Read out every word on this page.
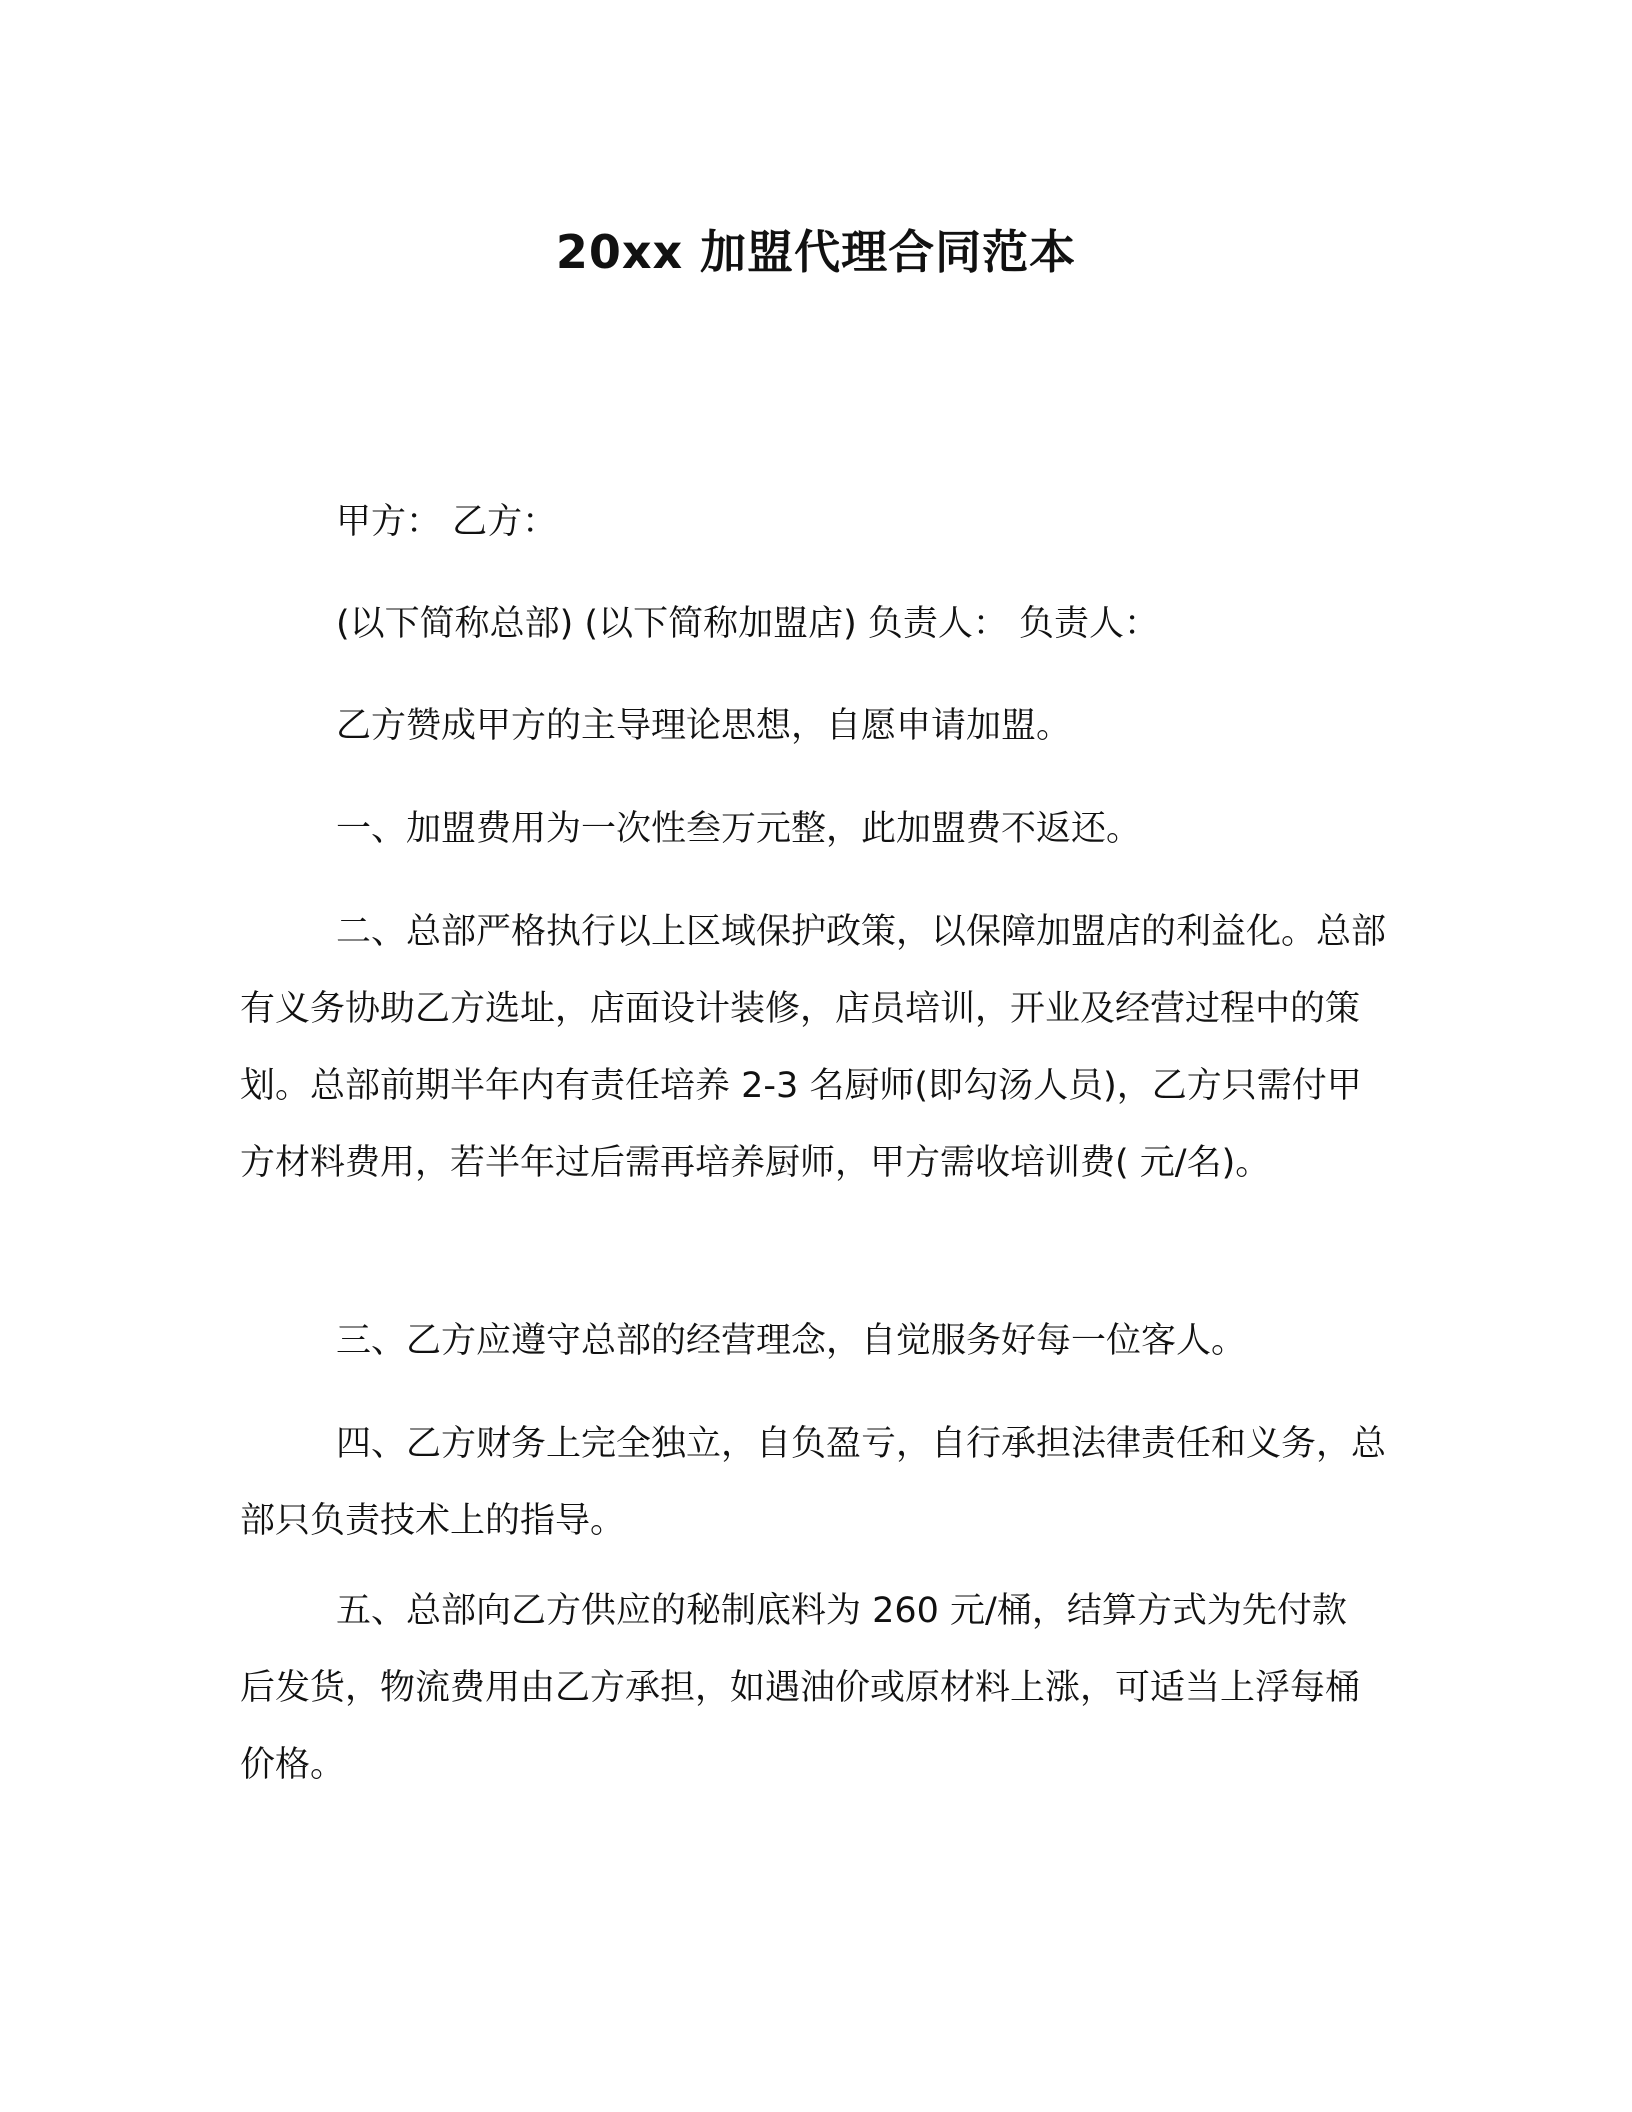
20xx 加盟代理合同范本

甲方： 乙方：

(以下简称总部) (以下简称加盟店) 负责人： 负责人：

乙方赞成甲方的主导理论思想，自愿申请加盟。

一、加盟费用为一次性叁万元整，此加盟费不返还。

二、总部严格执行以上区域保护政策，以保障加盟店的利益化。总部有义务协助乙方选址，店面设计装修，店员培训，开业及经营过程中的策划。总部前期半年内有责任培养 2-3 名厨师(即勾汤人员)，乙方只需付甲方材料费用，若半年过后需再培养厨师，甲方需收培训费( 元/名)。

三、乙方应遵守总部的经营理念，自觉服务好每一位客人。

四、乙方财务上完全独立，自负盈亏，自行承担法律责任和义务，总部只负责技术上的指导。

五、总部向乙方供应的秘制底料为 260 元/桶，结算方式为先付款后发货，物流费用由乙方承担，如遇油价或原材料上涨，可适当上浮每桶价格。
